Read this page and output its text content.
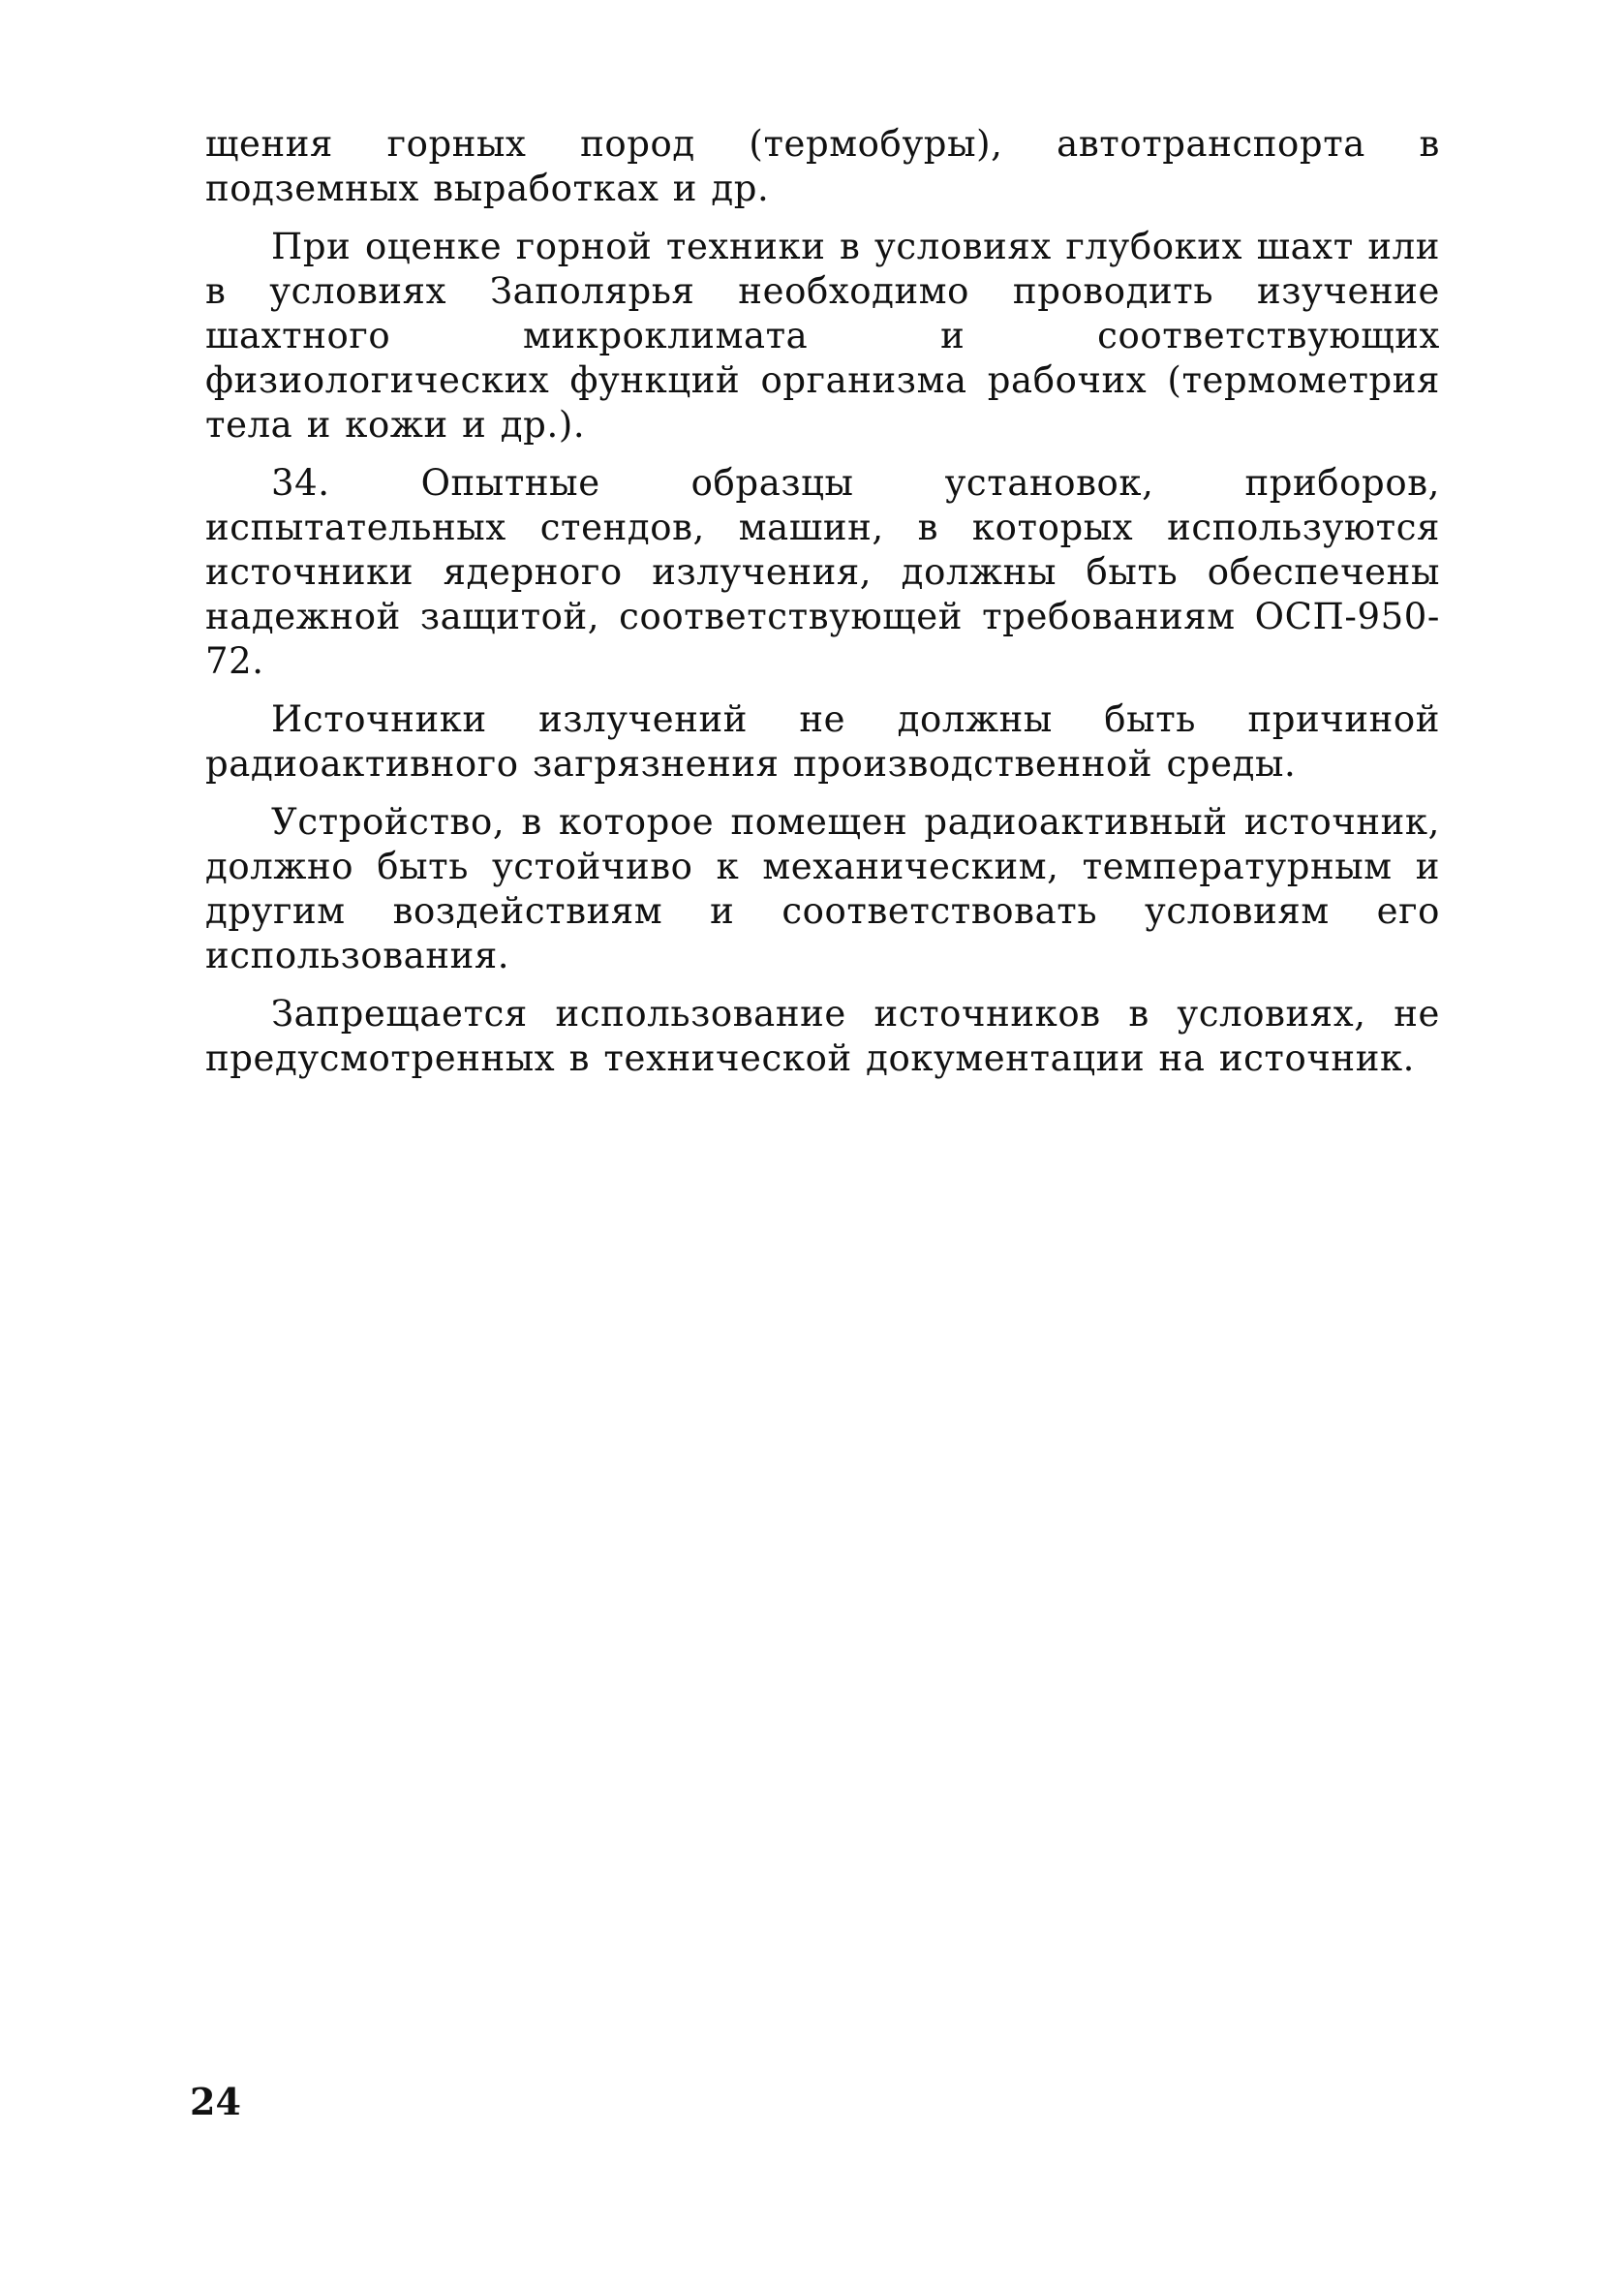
щения горных пород (термобуры), автотранспорта в подземных выработках и др.

При оценке горной техники в условиях глубоких шахт или в условиях Заполярья необходимо проводить изучение шахтного микроклимата и соответствующих физиологических функций организма рабочих (термометрия тела и кожи и др.).

34. Опытные образцы установок, приборов, испытательных стендов, машин, в которых используются источники ядерного излучения, должны быть обеспечены надежной защитой, соответствующей требованиям ОСП-950-72.

Источники излучений не должны быть причиной радиоактивного загрязнения производственной среды.

Устройство, в которое помещен радиоактивный источник, должно быть устойчиво к механическим, температурным и другим воздействиям и соответствовать условиям его использования.

Запрещается использование источников в условиях, не предусмотренных в технической документации на источник.

24
